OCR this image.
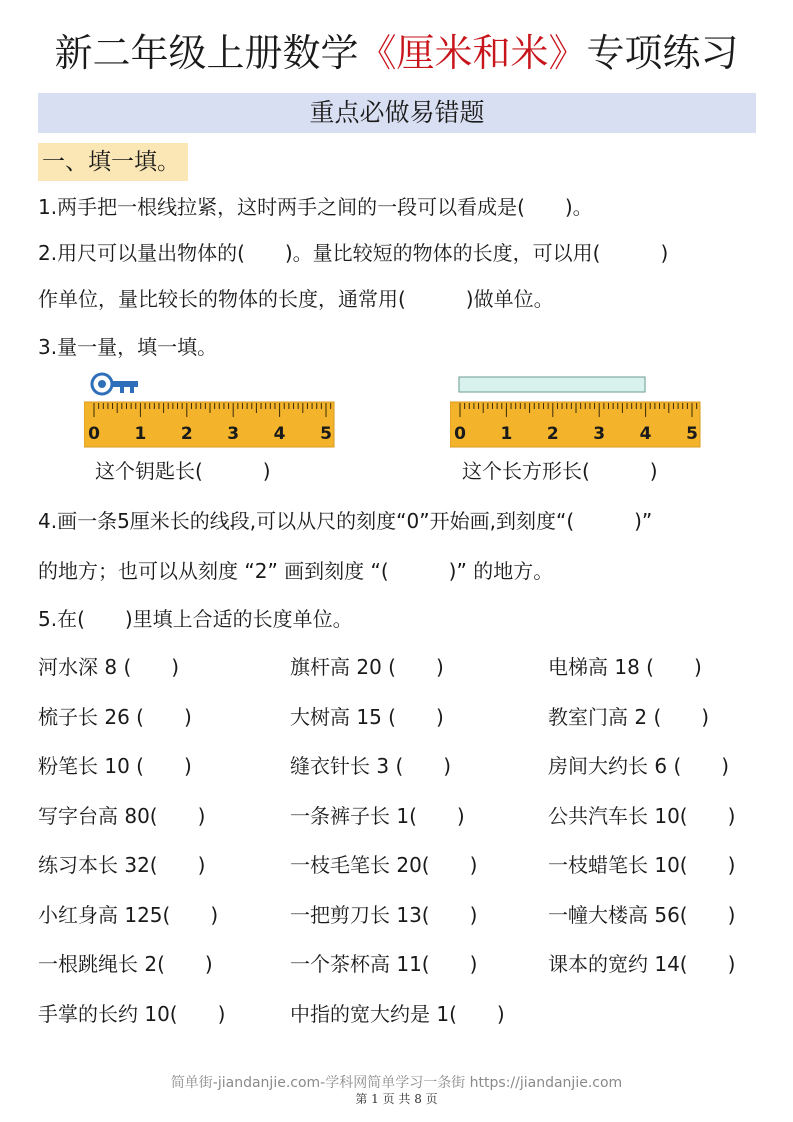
新二年级上册数学《厘米和米》专项练习
重点必做易错题
一、填一填。
1.两手把一根线拉紧，这时两手之间的一段可以看成是(　　)。
2.用尺可以量出物体的(　　)。量比较短的物体的长度，可以用(　　　)
作单位，量比较长的物体的长度，通常用(　　　)做单位。
3.量一量，填一填。
0 1 2 3 4 5	0 1 2 3 4 5
这个钥匙长(　　　)	这个长方形长(　　　)
4.画一条5厘米长的线段,可以从尺的刻度“0”开始画,到刻度“(　　　)”
的地方；也可以从刻度 “2” 画到刻度 “(　　　)” 的地方。
5.在(　　)里填上合适的长度单位。
河水深 8 (　　)	旗杆高 20 (　　)	电梯高 18 (　　)
梳子长 26 (　　)	大树高 15 (　　)	教室门高 2 (　　)
粉笔长 10 (　　)	缝衣针长 3 (　　)	房间大约长 6 (　　)
写字台高 80(　　)	一条裤子长 1(　　)	公共汽车长 10(　　)
练习本长 32(　　)	一枝毛笔长 20(　　)	一枝蜡笔长 10(　　)
小红身高 125(　　)	一把剪刀长 13(　　)	一幢大楼高 56(　　)
一根跳绳长 2(　　)	一个茶杯高 11(　　)	课本的宽约 14(　　)
手掌的长约 10(　　)	中指的宽大约是 1(　　)
简单街-jiandanjie.com-学科网简单学习一条街 https://jiandanjie.com
第 1 页 共 8 页
